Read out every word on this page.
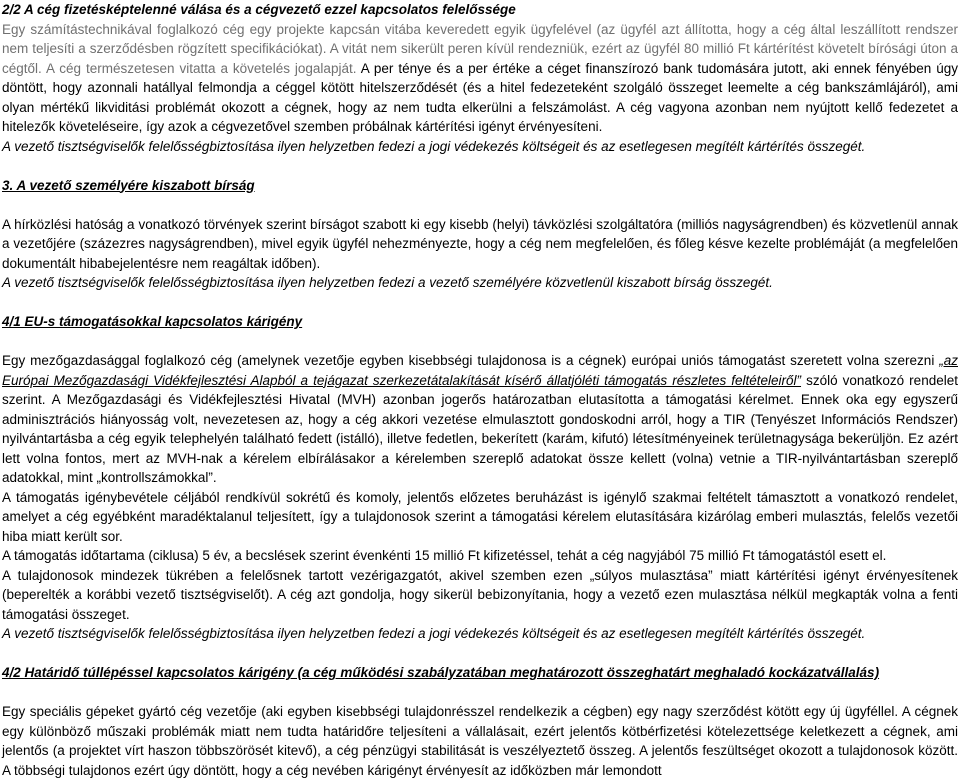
2/2 A cég fizetésképtelenné válása és a cégvezető ezzel kapcsolatos felelőssége

Egy számítástechnikával foglalkozó cég egy projekte kapcsán vitába keveredett egyik ügyfelével (az ügyfél azt állította, hogy a cég által leszállított rendszer nem teljesíti a szerződésben rögzített specifikációkat). A vitát nem sikerült peren kívül rendezniük, ezért az ügyfél 80 millió Ft kártérítést követelt bírósági úton a cégtől. A cég természetesen vitatta a követelés jogalapját. A per ténye és a per értéke a céget finanszírozó bank tudomására jutott, aki ennek fényében úgy döntött, hogy azonnali hatállyal felmondja a céggel kötött hitelszerződését (és a hitel fedezeteként szolgáló összeget leemelte a cég bankszámlájáról), ami olyan mértékű likviditási problémát okozott a cégnek, hogy az nem tudta elkerülni a felszámolást. A cég vagyona azonban nem nyújtott kellő fedezetet a hitelezők követeléseire, így azok a cégvezetővel szemben próbálnak kártérítési igényt érvényesíteni.

A vezető tisztségviselők felelősségbiztosítása ilyen helyzetben fedezi a jogi védekezés költségeit és az esetlegesen megítélt kártérítés összegét.

3. A vezető személyére kiszabott bírság

A hírközlési hatóság a vonatkozó törvények szerint bírságot szabott ki egy kisebb (helyi) távközlési szolgáltatóra (milliós nagyságrendben) és közvetlenül annak a vezetőjére (százezres nagyságrendben), mivel egyik ügyfél nehezményezte, hogy a cég nem megfelelően, és főleg késve kezelte problémáját (a megfelelően dokumentált hibabejelentésre nem reagáltak időben).

A vezető tisztségviselők felelősségbiztosítása ilyen helyzetben fedezi a vezető személyére közvetlenül kiszabott bírság összegét.

4/1 EU-s támogatásokkal kapcsolatos kárigény

Egy mezőgazdasággal foglalkozó cég (amelynek vezetője egyben kisebbségi tulajdonosa is a cégnek) európai uniós támogatást szeretett volna szerezni „az Európai Mezőgazdasági Vidékfejlesztési Alapból a tejágazat szerkezetátalakítását kísérő állatjóléti támogatás részletes feltételeiről” szóló vonatkozó rendelet szerint. A Mezőgazdasági és Vidékfejlesztési Hivatal (MVH) azonban jogerős határozatban elutasította a támogatási kérelmet. Ennek oka egy egyszerű adminisztrációs hiányosság volt, nevezetesen az, hogy a cég akkori vezetése elmulasztott gondoskodni arról, hogy a TIR (Tenyészet Információs Rendszer) nyilvántartásba a cég egyik telephelyén található fedett (istálló), illetve fedetlen, bekerített (karám, kifutó) létesítményeinek területnagysága bekerüljön. Ez azért lett volna fontos, mert az MVH-nak a kérelem elbírálásakor a kérelemben szereplő adatokat össze kellett (volna) vetnie a TIR-nyilvántartásban szereplő adatokkal, mint „kontrollszámokkal”.

A támogatás igénybevétele céljából rendkívül sokrétű és komoly, jelentős előzetes beruházást is igénylő szakmai feltételt támasztott a vonatkozó rendelet, amelyet a cég egyébként maradéktalanul teljesített, így a tulajdonosok szerint a támogatási kérelem elutasítására kizárólag emberi mulasztás, felelős vezetői hiba miatt került sor.

A támogatás időtartama (ciklusa) 5 év, a becslések szerint évenkénti 15 millió Ft kifizetéssel, tehát a cég nagyjából 75 millió Ft támogatástól esett el.

A tulajdonosok mindezek tükrében a felelősnek tartott vezérigazgatót, akivel szemben ezen „súlyos mulasztása” miatt kártérítési igényt érvényesítenek (beperelték a korábbi vezető tisztségviselőt). A cég azt gondolja, hogy sikerül bebizonyítania, hogy a vezető ezen mulasztása nélkül megkapták volna a fenti támogatási összeget.

A vezető tisztségviselők felelősségbiztosítása ilyen helyzetben fedezi a jogi védekezés költségeit és az esetlegesen megítélt kártérítés összegét.

4/2 Határidő túllépéssel kapcsolatos kárigény (a cég működési szabályzatában meghatározott összeghatárt meghaladó kockázatvállalás)

Egy speciális gépeket gyártó cég vezetője (aki egyben kisebbségi tulajdonrésszel rendelkezik a cégben) egy nagy szerződést kötött egy új ügyféllel. A cégnek egy különböző műszaki problémák miatt nem tudta határidőre teljesíteni a vállalásait, ezért jelentős kötbérfizetési kötelezettsége keletkezett a cégnek, ami jelentős (a projektet vírt haszon többszörösét kitevő), a cég pénzügyi stabilitását is veszélyeztető összeg. A jelentős feszültséget okozott a tulajdonosok között. A többségi tulajdonos ezért úgy döntött, hogy a cég nevében kárigényt érvényesít az időközben már lemondott
